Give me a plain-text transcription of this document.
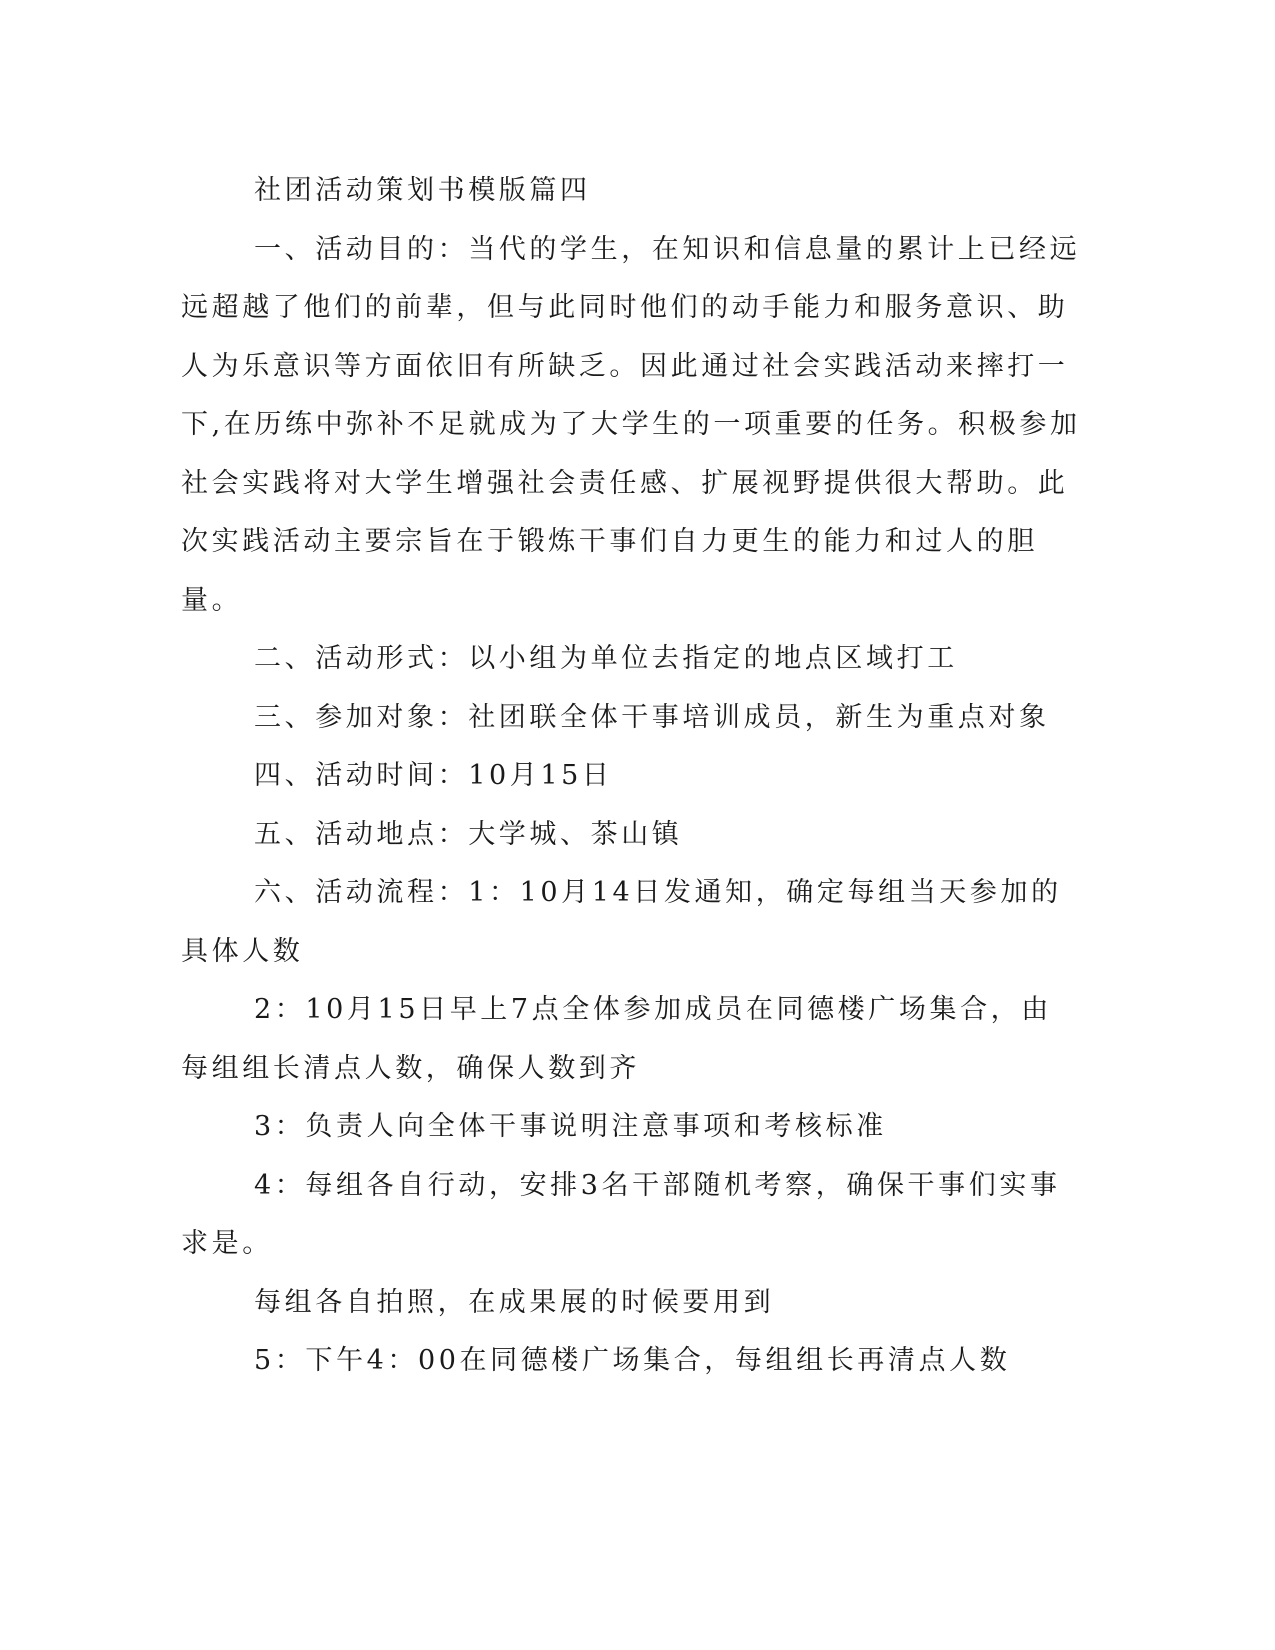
社团活动策划书模版篇四

一、活动目的：当代的学生，在知识和信息量的累计上已经远远超越了他们的前辈，但与此同时他们的动手能力和服务意识、助人为乐意识等方面依旧有所缺乏。因此通过社会实践活动来摔打一下,在历练中弥补不足就成为了大学生的一项重要的任务。积极参加社会实践将对大学生增强社会责任感、扩展视野提供很大帮助。此次实践活动主要宗旨在于锻炼干事们自力更生的能力和过人的胆量。

二、活动形式：以小组为单位去指定的地点区域打工

三、参加对象：社团联全体干事培训成员，新生为重点对象

四、活动时间：10月15日

五、活动地点：大学城、茶山镇

六、活动流程：1：10月14日发通知，确定每组当天参加的具体人数

2：10月15日早上7点全体参加成员在同德楼广场集合，由每组组长清点人数，确保人数到齐

3：负责人向全体干事说明注意事项和考核标准

4：每组各自行动，安排3名干部随机考察，确保干事们实事求是。

每组各自拍照，在成果展的时候要用到

5：下午4：00在同德楼广场集合，每组组长再清点人数
